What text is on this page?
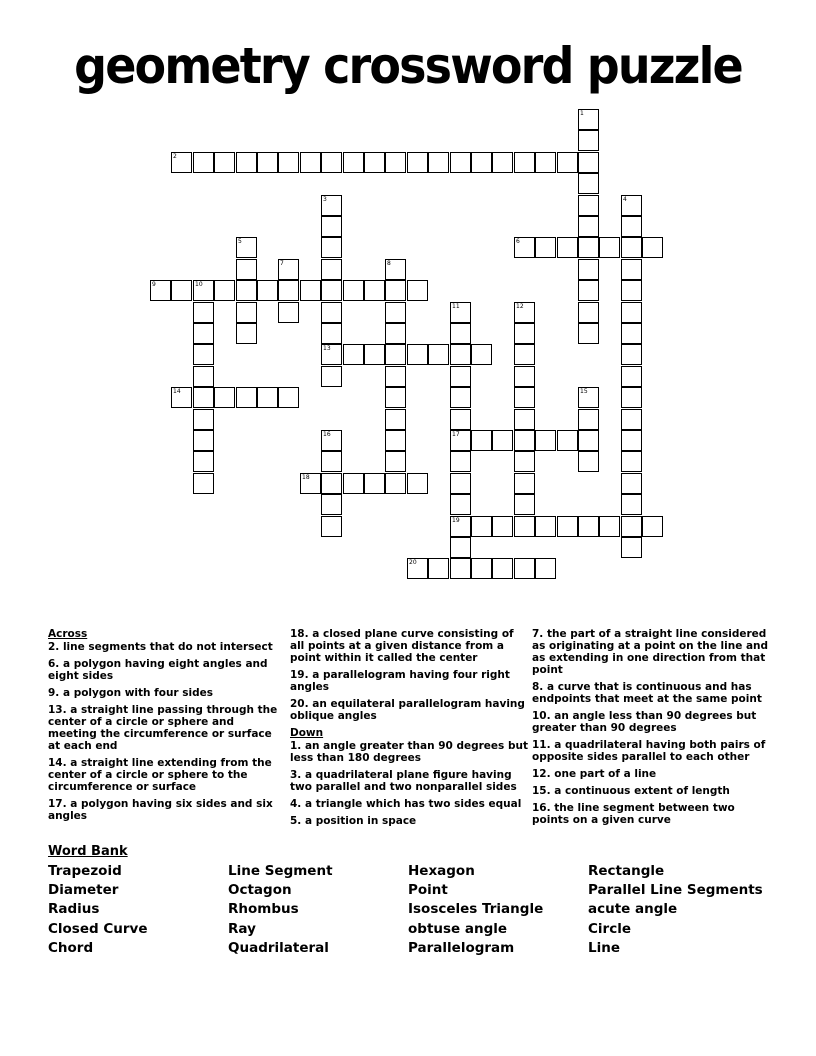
geometry crossword puzzle
1
2
3
13
4
5	6
7	8
9	10
11
17
19
12
14	15
16
18
20
Across
2. line segments that do not intersect
6. a polygon having eight angles and eight sides
9. a polygon with four sides
13. a straight line passing through the center of a circle or sphere and meeting the circumference or surface at each end
14. a straight line extending from the center of a circle or sphere to the circumference or surface
17. a polygon having six sides and six angles
18. a closed plane curve consisting of all points at a given distance from a point within it called the center
19. a parallelogram having four right angles
20. an equilateral parallelogram having oblique angles
Down
1. an angle greater than 90 degrees but less than 180 degrees
3. a quadrilateral plane figure having two parallel and two nonparallel sides
4. a triangle which has two sides equal
5. a position in space
7. the part of a straight line considered as originating at a point on the line and as extending in one direction from that point
8. a curve that is continuous and has endpoints that meet at the same point
10. an angle less than 90 degrees but greater than 90 degrees
11. a quadrilateral having both pairs of opposite sides parallel to each other
12. one part of a line
15. a continuous extent of length
16. the line segment between two points on a given curve
Word Bank
Trapezoid
Diameter
Radius
Closed Curve
Chord
Line Segment
Octagon
Rhombus
Ray
Quadrilateral
Hexagon
Point
Isosceles Triangle
obtuse angle
Parallelogram
Rectangle
Parallel Line Segments
acute angle
Circle
Line
